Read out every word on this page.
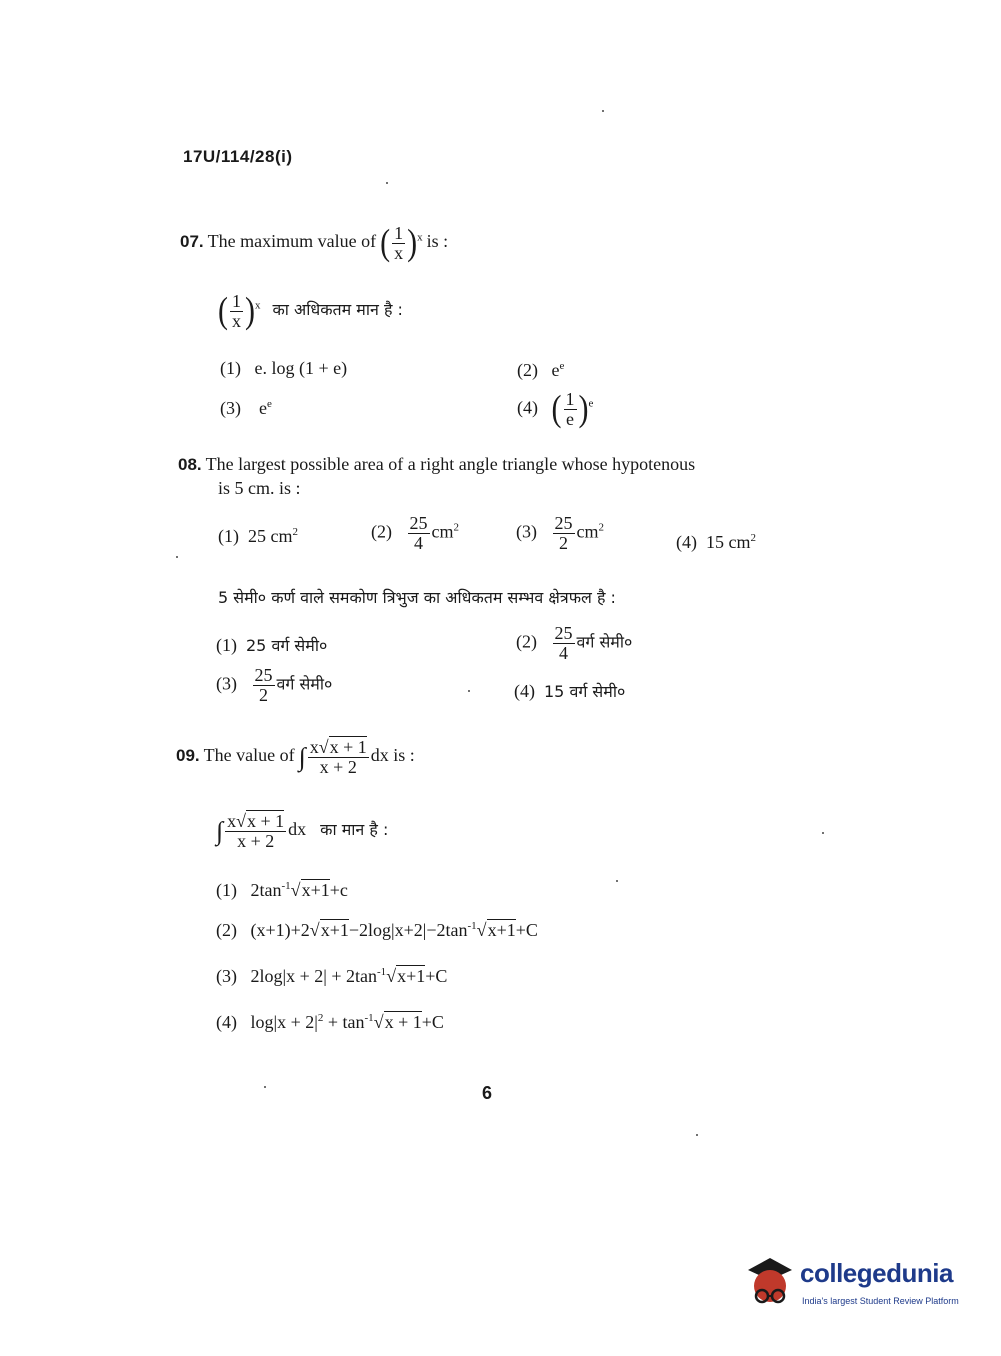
17U/114/28(i)
07. The maximum value of ( $\frac{1}{x} )^x$ is :
( $\frac{1}{x} )^x$ का अधिकतम मान है :
(1) e. log (1 + e)	(2) $e^e$
(3) $e^e$	(4) ( $\frac{1}{e} )^e$
08. The largest possible area of a right angle triangle whose hypotenous
is 5 cm. is :
(1) 25 $cm^2$	$(2) \frac{25}{4} cm^2$	$(3) \frac{25}{2} cm^2$
(4) 15 $cm^2$
5 सेमी० कर्ण वाले समकोण त्रिभुज का अधिकतम सम्भव क्षेत्रफल है :
(1) 25 वर्ग सेमी०	$(2) \frac{25}{4}$ वर्ग सेमी०
$(3) \frac{25}{2}$ वर्ग सेमी०	(4) 15 वर्ग सेमी०
09. The value of ∫ $\frac{x√x + 1}{x + 2}$ dx is :
∫ $\frac{x√x + 1}{x + 2}$ dx का मान है :
(1) $2\tan^{-1}√x+1+c$
(2) $(x+1)+2√x+1-2\log|x+2|-2\tan^{-1}√x+1+C$
(3) $2\log|x + 2| + 2\tan^{-1}√x+1+C$
(4) $\log|x + 2|^2 + \tan^{-1}√x + 1+C$
6
collegedunia
India's largest Student Review Platform
